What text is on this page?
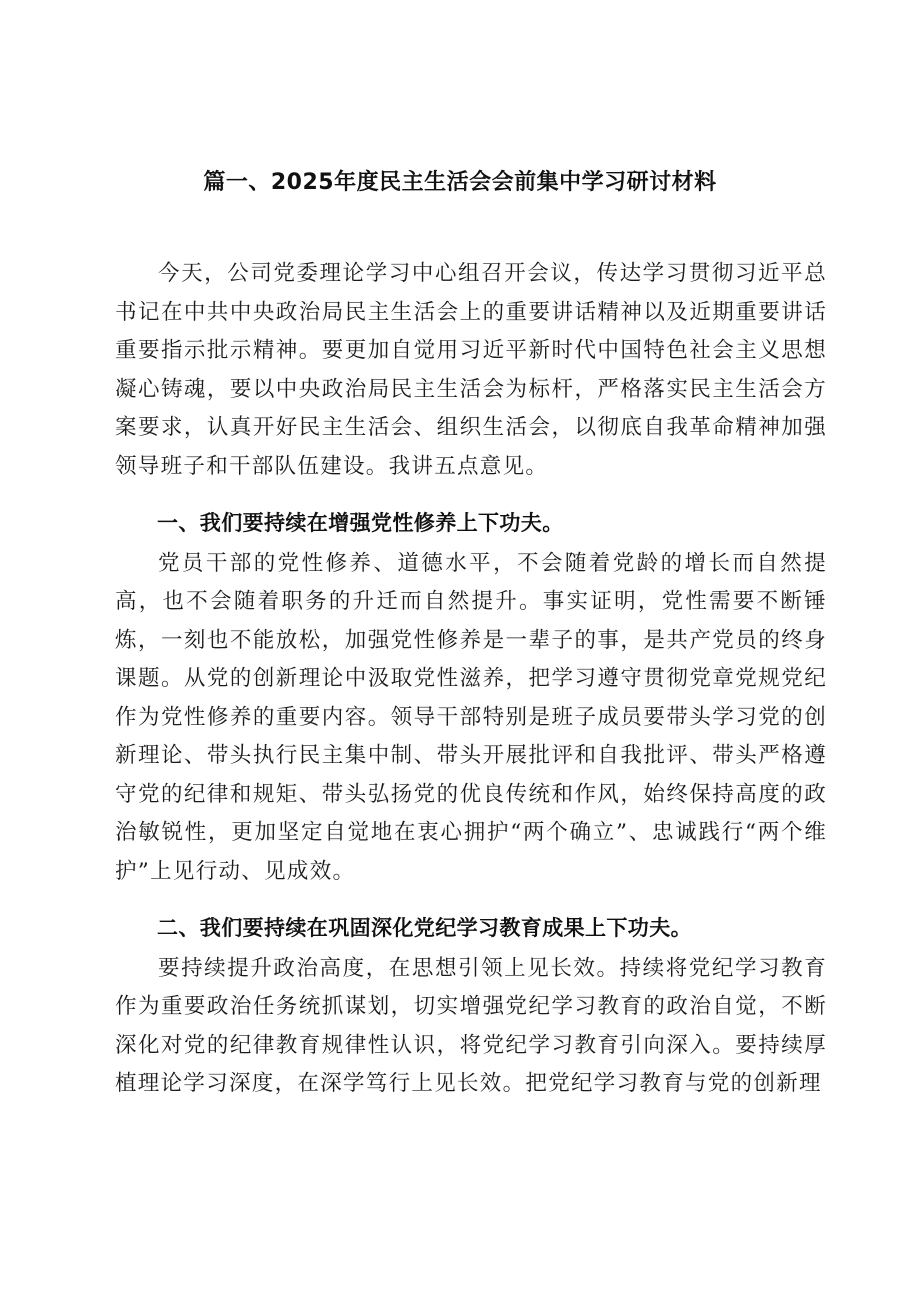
篇一、2025年度民主生活会会前集中学习研讨材料

今天，公司党委理论学习中心组召开会议，传达学习贯彻习近平总书记在中共中央政治局民主生活会上的重要讲话精神以及近期重要讲话重要指示批示精神。要更加自觉用习近平新时代中国特色社会主义思想凝心铸魂，要以中央政治局民主生活会为标杆，严格落实民主生活会方案要求，认真开好民主生活会、组织生活会，以彻底自我革命精神加强领导班子和干部队伍建设。我讲五点意见。

一、我们要持续在增强党性修养上下功夫。

党员干部的党性修养、道德水平，不会随着党龄的增长而自然提高，也不会随着职务的升迁而自然提升。事实证明，党性需要不断锤炼，一刻也不能放松，加强党性修养是一辈子的事，是共产党员的终身课题。从党的创新理论中汲取党性滋养，把学习遵守贯彻党章党规党纪作为党性修养的重要内容。领导干部特别是班子成员要带头学习党的创新理论、带头执行民主集中制、带头开展批评和自我批评、带头严格遵守党的纪律和规矩、带头弘扬党的优良传统和作风，始终保持高度的政治敏锐性，更加坚定自觉地在衷心拥护“两个确立”、忠诚践行“两个维护”上见行动、见成效。

二、我们要持续在巩固深化党纪学习教育成果上下功夫。

要持续提升政治高度，在思想引领上见长效。持续将党纪学习教育作为重要政治任务统抓谋划，切实增强党纪学习教育的政治自觉，不断深化对党的纪律教育规律性认识，将党纪学习教育引向深入。要持续厚植理论学习深度，在深学笃行上见长效。把党纪学习教育与党的创新理
